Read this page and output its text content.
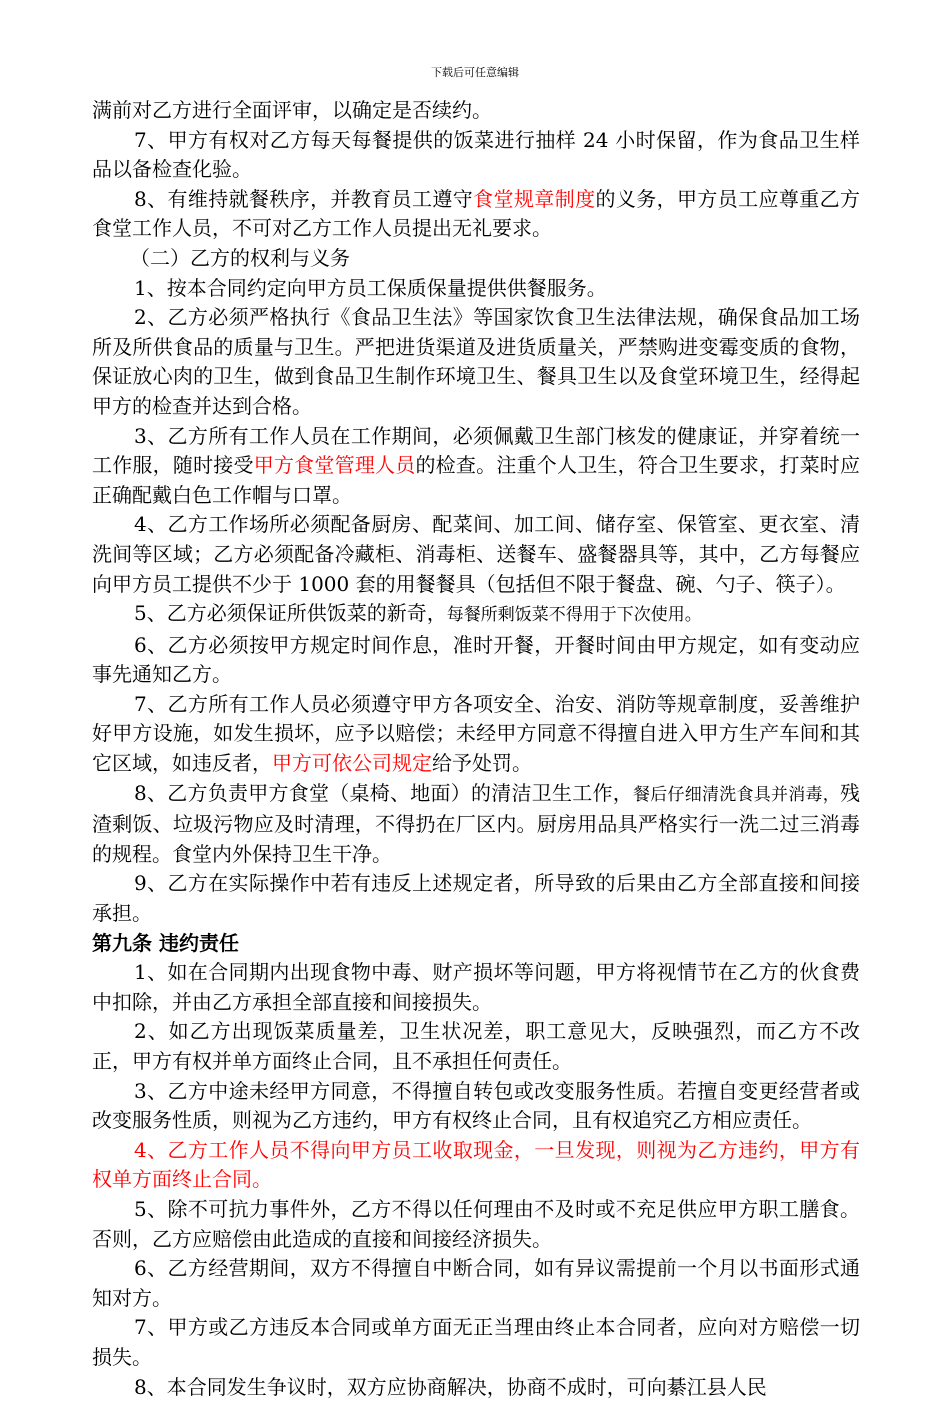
下载后可任意编辑

满前对乙方进行全面评审，以确定是否续约。

7、甲方有权对乙方每天每餐提供的饭菜进行抽样 24 小时保留，作为食品卫生样品以备检查化验。

8、有维持就餐秩序，并教育员工遵守食堂规章制度的义务，甲方员工应尊重乙方食堂工作人员，不可对乙方工作人员提出无礼要求。

（二）乙方的权利与义务

1、按本合同约定向甲方员工保质保量提供供餐服务。

2、乙方必须严格执行《食品卫生法》等国家饮食卫生法律法规，确保食品加工场所及所供食品的质量与卫生。严把进货渠道及进货质量关，严禁购进变霉变质的食物，保证放心肉的卫生，做到食品卫生制作环境卫生、餐具卫生以及食堂环境卫生，经得起甲方的检查并达到合格。

3、乙方所有工作人员在工作期间，必须佩戴卫生部门核发的健康证，并穿着统一工作服，随时接受甲方食堂管理人员的检查。注重个人卫生，符合卫生要求，打菜时应正确配戴白色工作帽与口罩。

4、乙方工作场所必须配备厨房、配菜间、加工间、储存室、保管室、更衣室、清洗间等区域；乙方必须配备冷藏柜、消毒柜、送餐车、盛餐器具等，其中，乙方每餐应向甲方员工提供不少于 1000 套的用餐餐具（包括但不限于餐盘、碗、勺子、筷子）。

5、乙方必须保证所供饭菜的新奇，每餐所剩饭菜不得用于下次使用。

6、乙方必须按甲方规定时间作息，准时开餐，开餐时间由甲方规定，如有变动应事先通知乙方。

7、乙方所有工作人员必须遵守甲方各项安全、治安、消防等规章制度，妥善维护好甲方设施，如发生损坏，应予以赔偿；未经甲方同意不得擅自进入甲方生产车间和其它区域，如违反者，甲方可依公司规定给予处罚。

8、乙方负责甲方食堂（桌椅、地面）的清洁卫生工作，餐后仔细清洗食具并消毒，残渣剩饭、垃圾污物应及时清理，不得扔在厂区内。厨房用品具严格实行一洗二过三消毒的规程。食堂内外保持卫生干净。

9、乙方在实际操作中若有违反上述规定者，所导致的后果由乙方全部直接和间接承担。

第九条 违约责任

1、如在合同期内出现食物中毒、财产损坏等问题，甲方将视情节在乙方的伙食费中扣除，并由乙方承担全部直接和间接损失。

2、如乙方出现饭菜质量差，卫生状况差，职工意见大，反映强烈，而乙方不改正，甲方有权并单方面终止合同，且不承担任何责任。

3、乙方中途未经甲方同意，不得擅自转包或改变服务性质。若擅自变更经营者或改变服务性质，则视为乙方违约，甲方有权终止合同，且有权追究乙方相应责任。

4、乙方工作人员不得向甲方员工收取现金，一旦发现，则视为乙方违约，甲方有权单方面终止合同。

5、除不可抗力事件外，乙方不得以任何理由不及时或不充足供应甲方职工膳食。否则，乙方应赔偿由此造成的直接和间接经济损失。

6、乙方经营期间，双方不得擅自中断合同，如有异议需提前一个月以书面形式通知对方。

7、甲方或乙方违反本合同或单方面无正当理由终止本合同者，应向对方赔偿一切损失。

8、本合同发生争议时，双方应协商解决，协商不成时，可向綦江县人民
